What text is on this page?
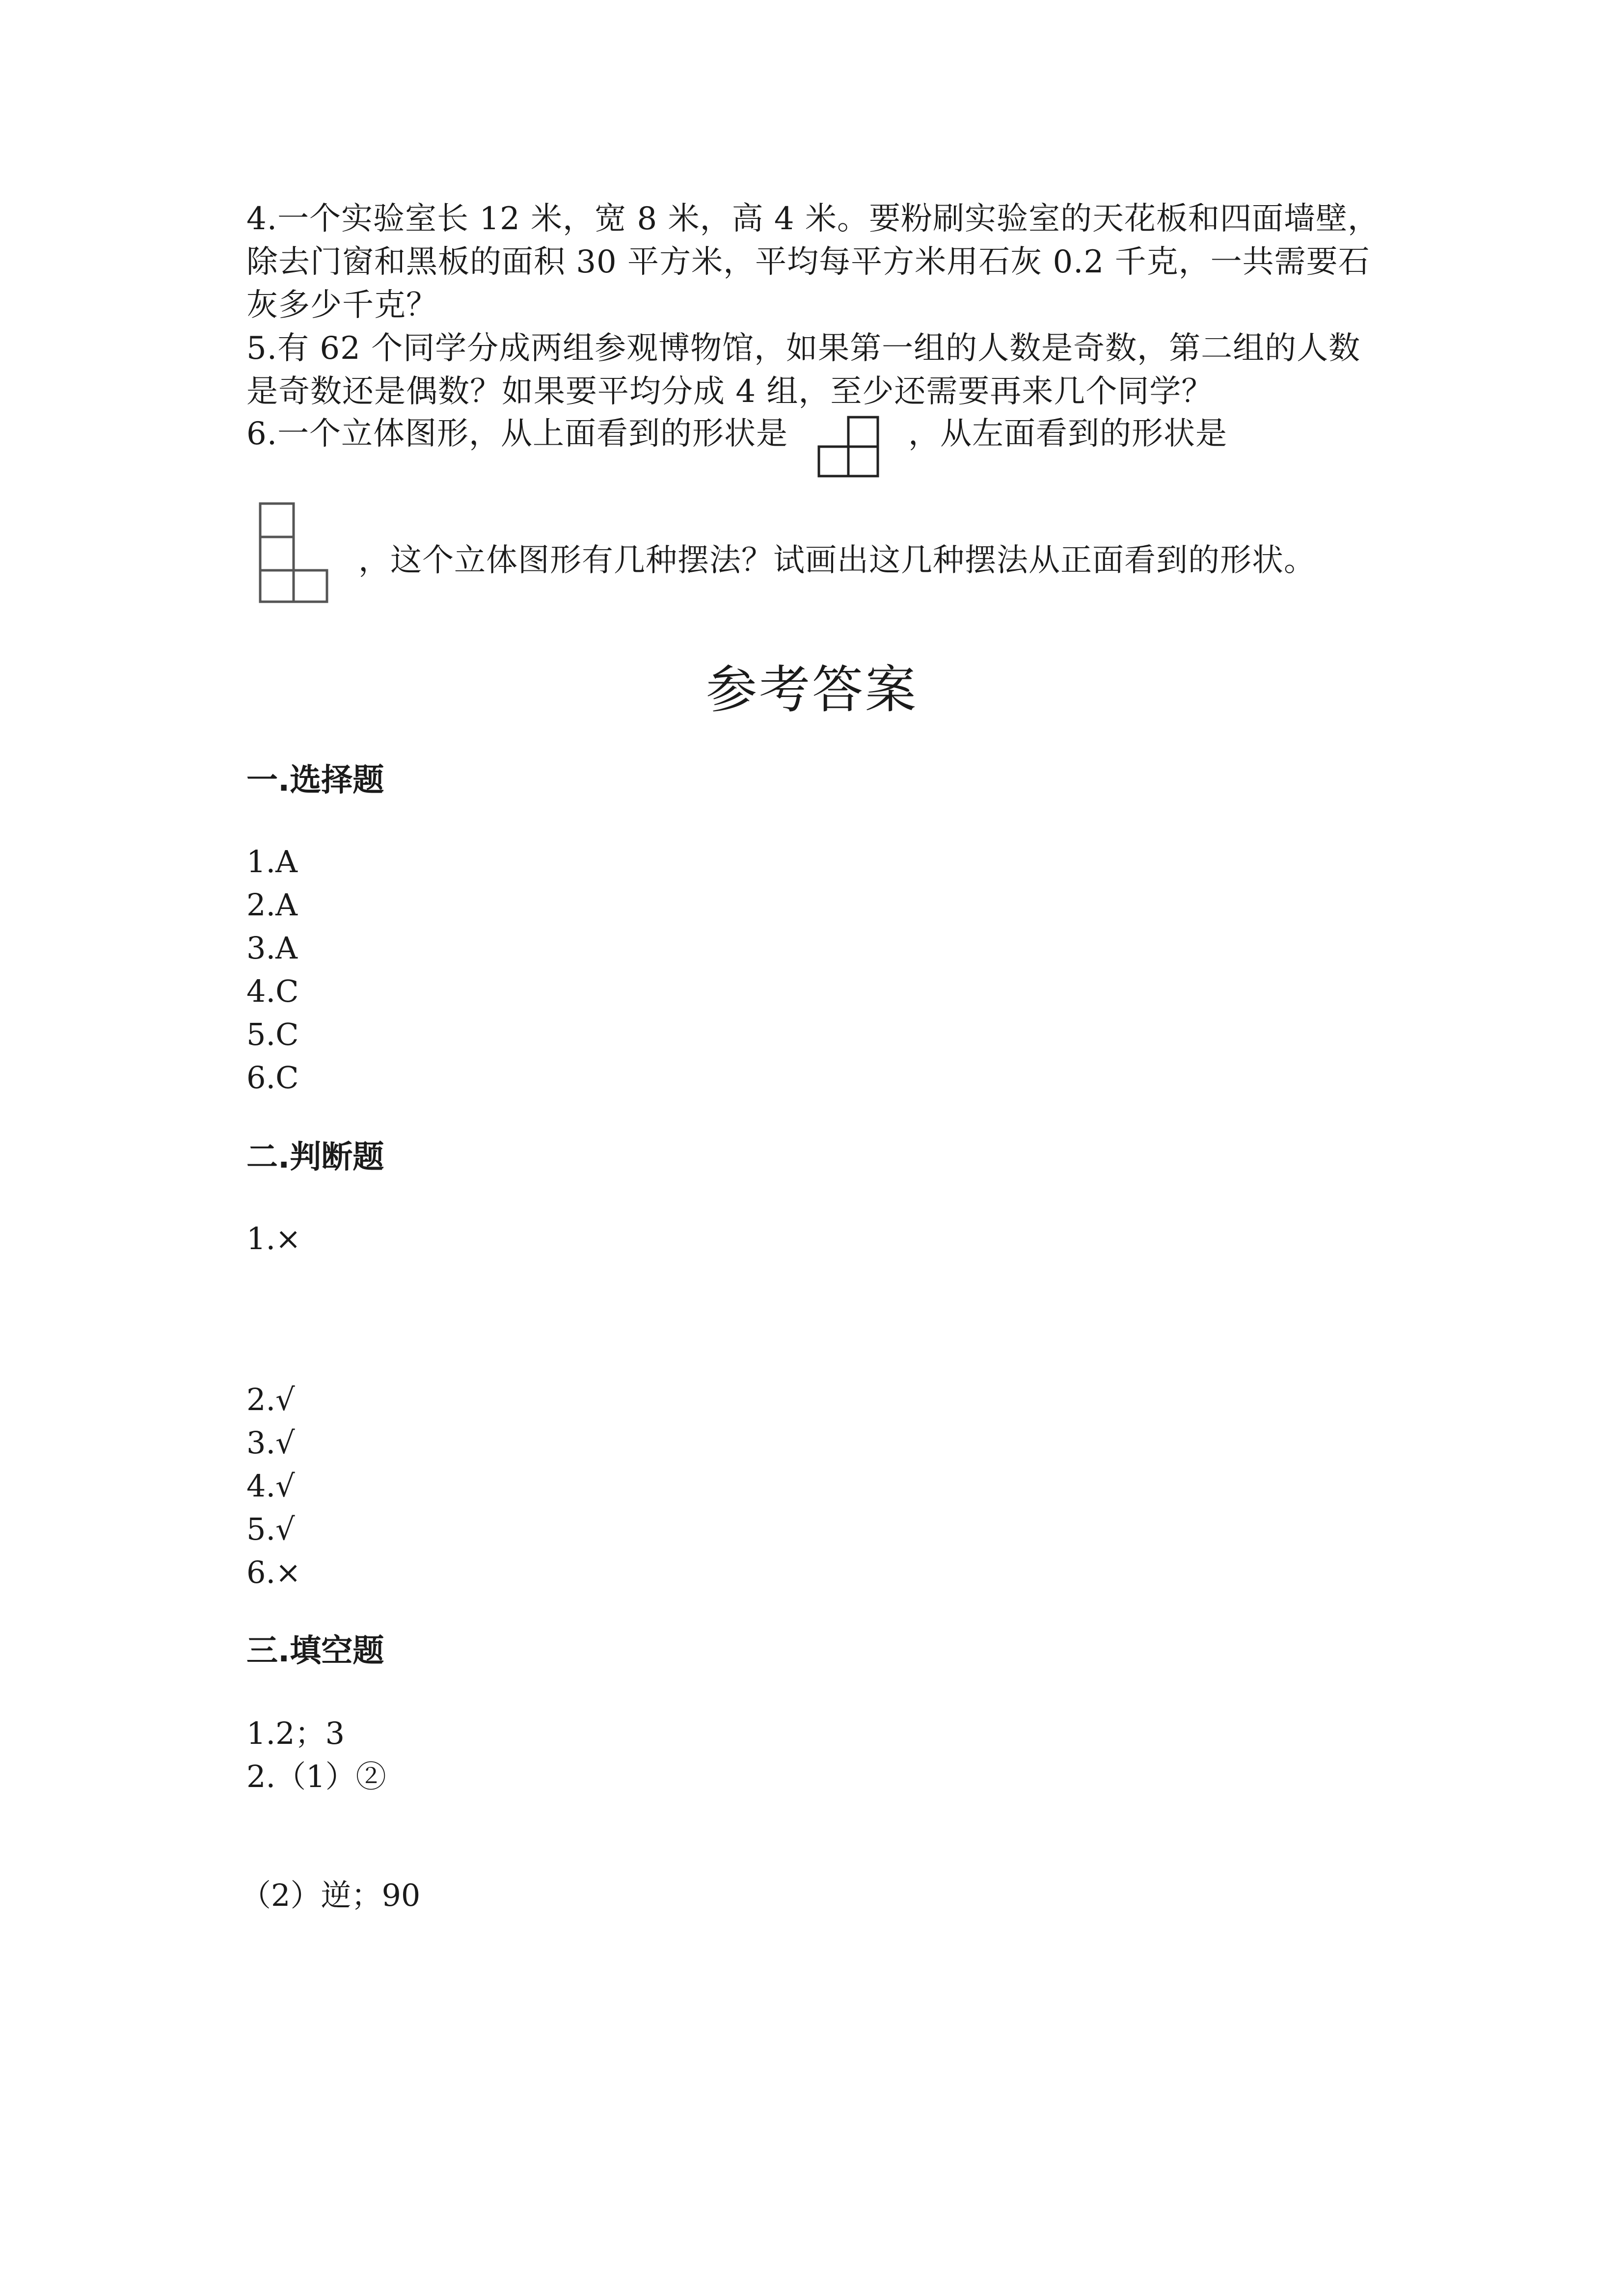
4.一个实验室长 12 米，宽 8 米，高 4 米。要粉刷实验室的天花板和四面墙壁，
除去门窗和黑板的面积 30 平方米，平均每平方米用石灰 0.2 千克，一共需要石
灰多少千克？
5.有 62 个同学分成两组参观博物馆，如果第一组的人数是奇数，第二组的人数
是奇数还是偶数？如果要平均分成 4 组，至少还需要再来几个同学？
6.一个立体图形，从上面看到的形状是	，从左面看到的形状是
，这个立体图形有几种摆法？试画出这几种摆法从正面看到的形状。
参考答案
一.选择题
1.A
2.A
3.A
4.C
5.C
6.C
二.判断题
1.×
2.√
3.√
4.√
5.√
6.×
三.填空题
1.2；3
2.（1）②
（2）逆；90
